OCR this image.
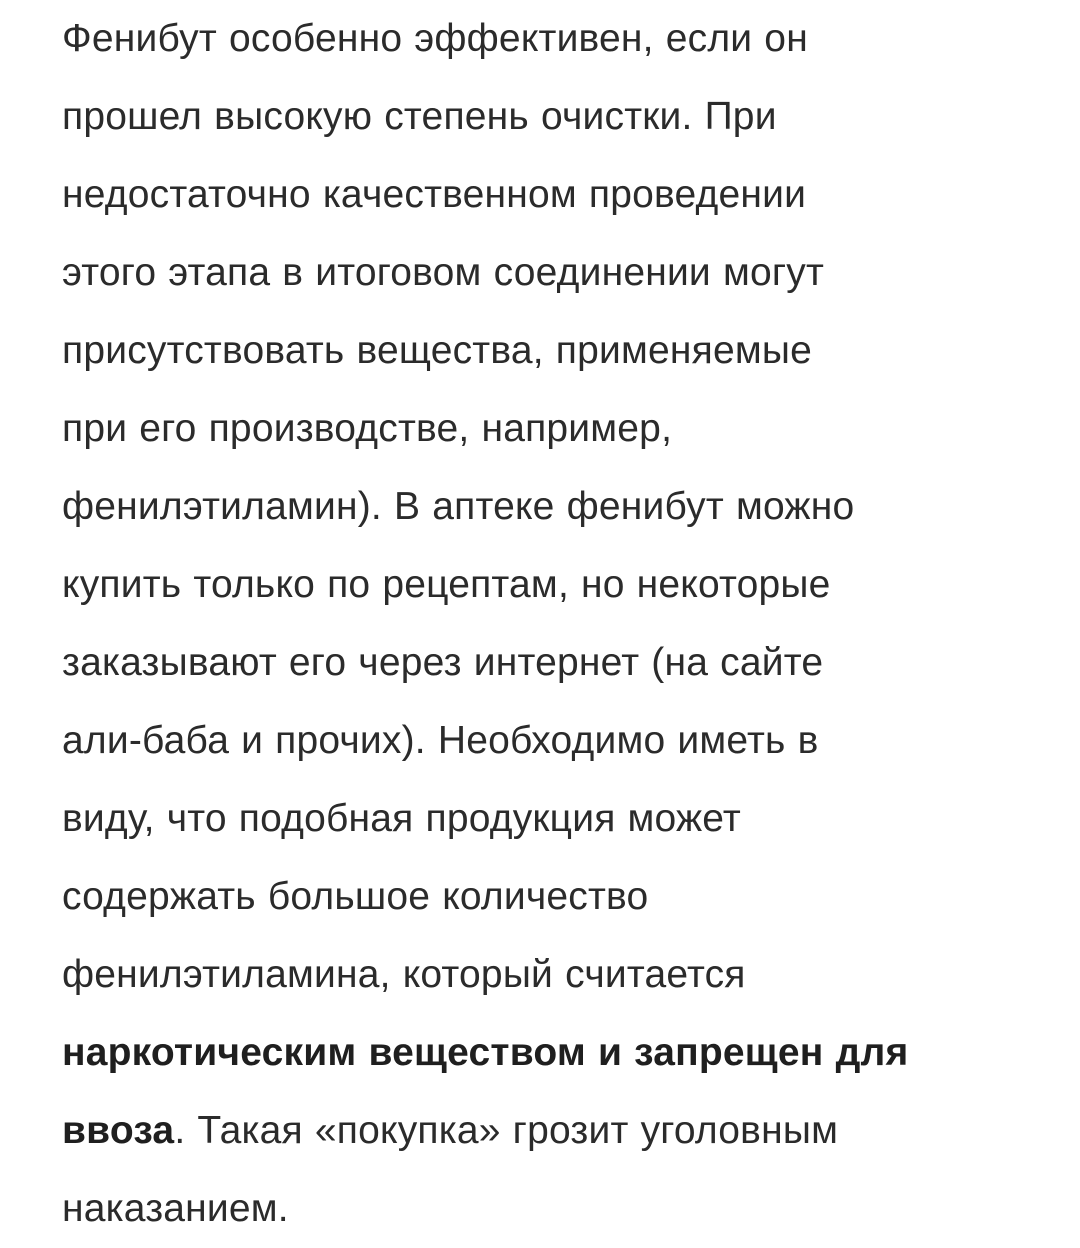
Фенибут особенно эффективен, если он
прошел высокую степень очистки. При
недостаточно качественном проведении
этого этапа в итоговом соединении могут
присутствовать вещества, применяемые
при его производстве, например,
фенилэтиламин). В аптеке фенибут можно
купить только по рецептам, но некоторые
заказывают его через интернет (на сайте
али-баба и прочих). Необходимо иметь в
виду, что подобная продукция может
содержать большое количество
фенилэтиламина, который считается
наркотическим веществом и запрещен для
ввоза. Такая «покупка» грозит уголовным
наказанием.
